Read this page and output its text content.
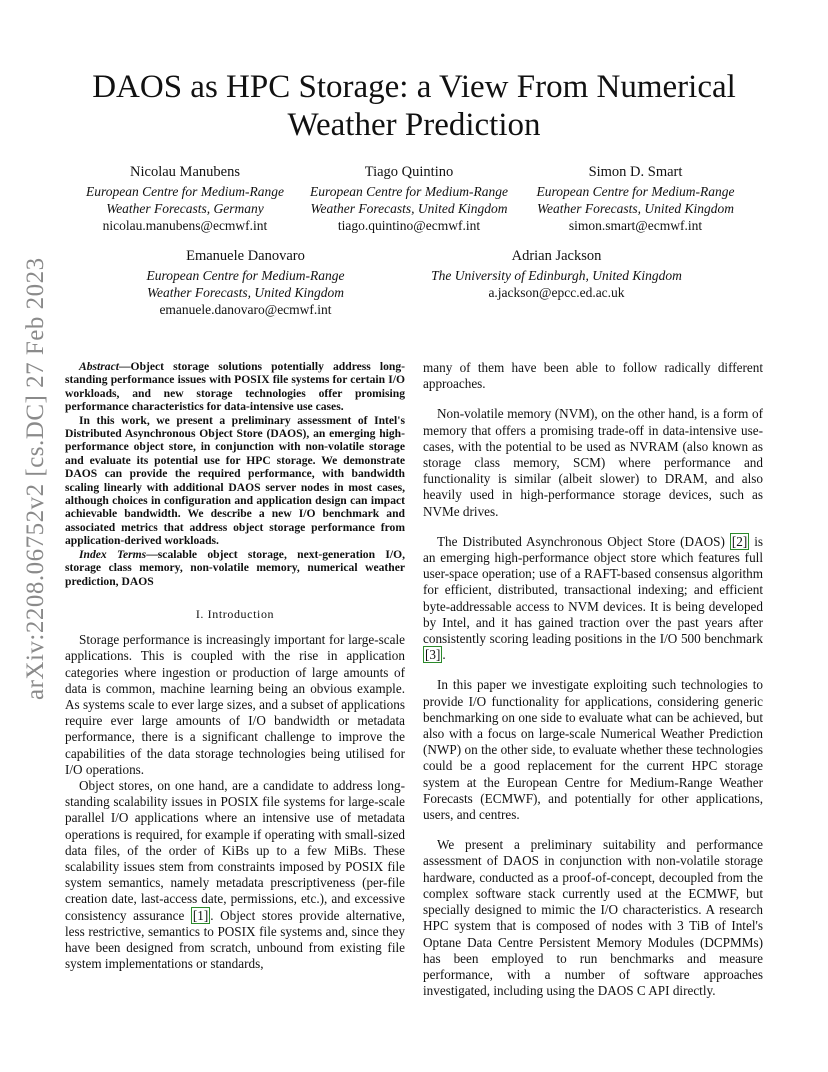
arXiv:2208.06752v2 [cs.DC] 27 Feb 2023
DAOS as HPC Storage: a View From Numerical
Weather Prediction
Nicolau Manubens
European Centre for Medium-Range
Weather Forecasts, Germany
nicolau.manubens@ecmwf.int
Tiago Quintino
European Centre for Medium-Range
Weather Forecasts, United Kingdom
tiago.quintino@ecmwf.int
Simon D. Smart
European Centre for Medium-Range
Weather Forecasts, United Kingdom
simon.smart@ecmwf.int
Emanuele Danovaro
European Centre for Medium-Range
Weather Forecasts, United Kingdom
emanuele.danovaro@ecmwf.int
Adrian Jackson
The University of Edinburgh, United Kingdom
a.jackson@epcc.ed.ac.uk

Abstract—Object storage solutions potentially address long-standing performance issues with POSIX file systems for certain I/O workloads, and new storage technologies offer promising performance characteristics for data-intensive use cases.

In this work, we present a preliminary assessment of Intel's Distributed Asynchronous Object Store (DAOS), an emerging high-performance object store, in conjunction with non-volatile storage and evaluate its potential use for HPC storage. We demonstrate DAOS can provide the required performance, with bandwidth scaling linearly with additional DAOS server nodes in most cases, although choices in configuration and application design can impact achievable bandwidth. We describe a new I/O benchmark and associated metrics that address object storage performance from application-derived workloads.

Index Terms—scalable object storage, next-generation I/O, storage class memory, non-volatile memory, numerical weather prediction, DAOS

I. Introduction

Storage performance is increasingly important for large-scale applications. This is coupled with the rise in application categories where ingestion or production of large amounts of data is common, machine learning being an obvious example. As systems scale to ever large sizes, and a subset of applications require ever large amounts of I/O bandwidth or metadata performance, there is a significant challenge to improve the capabilities of the data storage technologies being utilised for I/O operations.

Object stores, on one hand, are a candidate to address long-standing scalability issues in POSIX file systems for large-scale parallel I/O applications where an intensive use of metadata operations is required, for example if operating with small-sized data files, of the order of KiBs up to a few MiBs. These scalability issues stem from constraints imposed by POSIX file system semantics, namely metadata prescriptiveness (per-file creation date, last-access date, permissions, etc.), and excessive consistency assurance [1] . Object stores provide alternative, less restrictive, semantics to POSIX file systems and, since they have been designed from scratch, unbound from existing file system implementations or standards,

many of them have been able to follow radically different approaches.

Non-volatile memory (NVM), on the other hand, is a form of memory that offers a promising trade-off in data-intensive use-cases, with the potential to be used as NVRAM (also known as storage class memory, SCM) where performance and functionality is similar (albeit slower) to DRAM, and also heavily used in high-performance storage devices, such as NVMe drives.

The Distributed Asynchronous Object Store (DAOS) [2] is an emerging high-performance object store which features full user-space operation; use of a RAFT-based consensus algorithm for efficient, distributed, transactional indexing; and efficient byte-addressable access to NVM devices. It is being developed by Intel, and it has gained traction over the past years after consistently scoring leading positions in the I/O 500 benchmark [3] .

In this paper we investigate exploiting such technologies to provide I/O functionality for applications, considering generic benchmarking on one side to evaluate what can be achieved, but also with a focus on large-scale Numerical Weather Prediction (NWP) on the other side, to evaluate whether these technologies could be a good replacement for the current HPC storage system at the European Centre for Medium-Range Weather Forecasts (ECMWF), and potentially for other applications, users, and centres.

We present a preliminary suitability and performance assessment of DAOS in conjunction with non-volatile storage hardware, conducted as a proof-of-concept, decoupled from the complex software stack currently used at the ECMWF, but specially designed to mimic the I/O characteristics. A research HPC system that is composed of nodes with 3 TiB of Intel's Optane Data Centre Persistent Memory Modules (DCPMMs) has been employed to run benchmarks and measure performance, with a number of software approaches investigated, including using the DAOS C API directly.
